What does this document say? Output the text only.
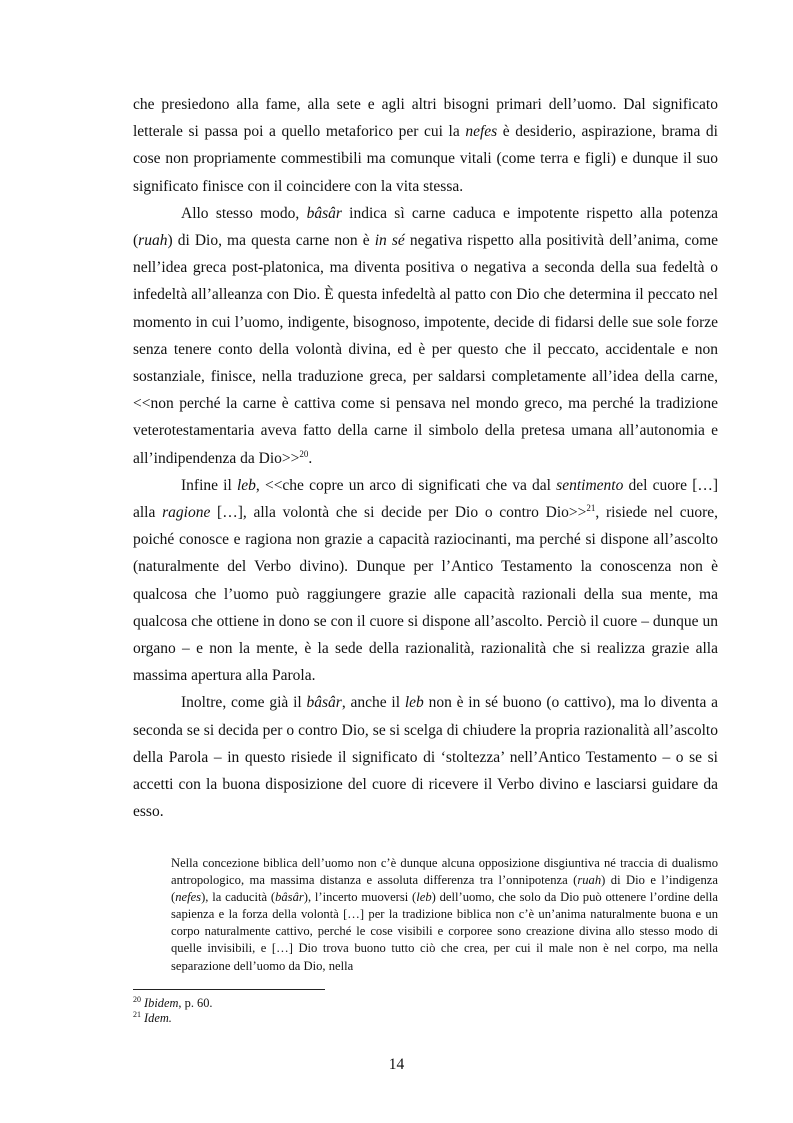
che presiedono alla fame, alla sete e agli altri bisogni primari dell’uomo. Dal significato letterale si passa poi a quello metaforico per cui la nefes è desiderio, aspirazione, brama di cose non propriamente commestibili ma comunque vitali (come terra e figli) e dunque il suo significato finisce con il coincidere con la vita stessa.

Allo stesso modo, bâsâr indica sì carne caduca e impotente rispetto alla potenza (ruah) di Dio, ma questa carne non è in sé negativa rispetto alla positività dell’anima, come nell’idea greca post-platonica, ma diventa positiva o negativa a seconda della sua fedeltà o infedeltà all’alleanza con Dio. È questa infedeltà al patto con Dio che determina il peccato nel momento in cui l’uomo, indigente, bisognoso, impotente, decide di fidarsi delle sue sole forze senza tenere conto della volontà divina, ed è per questo che il peccato, accidentale e non sostanziale, finisce, nella traduzione greca, per saldarsi completamente all’idea della carne, <<non perché la carne è cattiva come si pensava nel mondo greco, ma perché la tradizione veterotestamentaria aveva fatto della carne il simbolo della pretesa umana all’autonomia e all’indipendenza da Dio>>$^{20}$.

Infine il leb, <<che copre un arco di significati che va dal sentimento del cuore […] alla ragione […], alla volontà che si decide per Dio o contro Dio>>$^{21}$, risiede nel cuore, poiché conosce e ragiona non grazie a capacità raziocinanti, ma perché si dispone all’ascolto (naturalmente del Verbo divino). Dunque per l’Antico Testamento la conoscenza non è qualcosa che l’uomo può raggiungere grazie alle capacità razionali della sua mente, ma qualcosa che ottiene in dono se con il cuore si dispone all’ascolto. Perciò il cuore – dunque un organo – e non la mente, è la sede della razionalità, razionalità che si realizza grazie alla massima apertura alla Parola.

Inoltre, come già il bâsâr, anche il leb non è in sé buono (o cattivo), ma lo diventa a seconda se si decida per o contro Dio, se si scelga di chiudere la propria razionalità all’ascolto della Parola – in questo risiede il significato di ‘stoltezza’ nell’Antico Testamento – o se si accetti con la buona disposizione del cuore di ricevere il Verbo divino e lasciarsi guidare da esso.

Nella concezione biblica dell’uomo non c’è dunque alcuna opposizione disgiuntiva né traccia di dualismo antropologico, ma massima distanza e assoluta differenza tra l’onnipotenza (ruah) di Dio e l’indigenza (nefes), la caducità (bâsâr), l’incerto muoversi (leb) dell’uomo, che solo da Dio può ottenere l’ordine della sapienza e la forza della volontà […] per la tradizione biblica non c’è un’anima naturalmente buona e un corpo naturalmente cattivo, perché le cose visibili e corporee sono creazione divina allo stesso modo di quelle invisibili, e […] Dio trova buono tutto ciò che crea, per cui il male non è nel corpo, ma nella separazione dell’uomo da Dio, nella

$^{20}$ Ibidem, p. 60.

$^{21}$ Idem.

14
